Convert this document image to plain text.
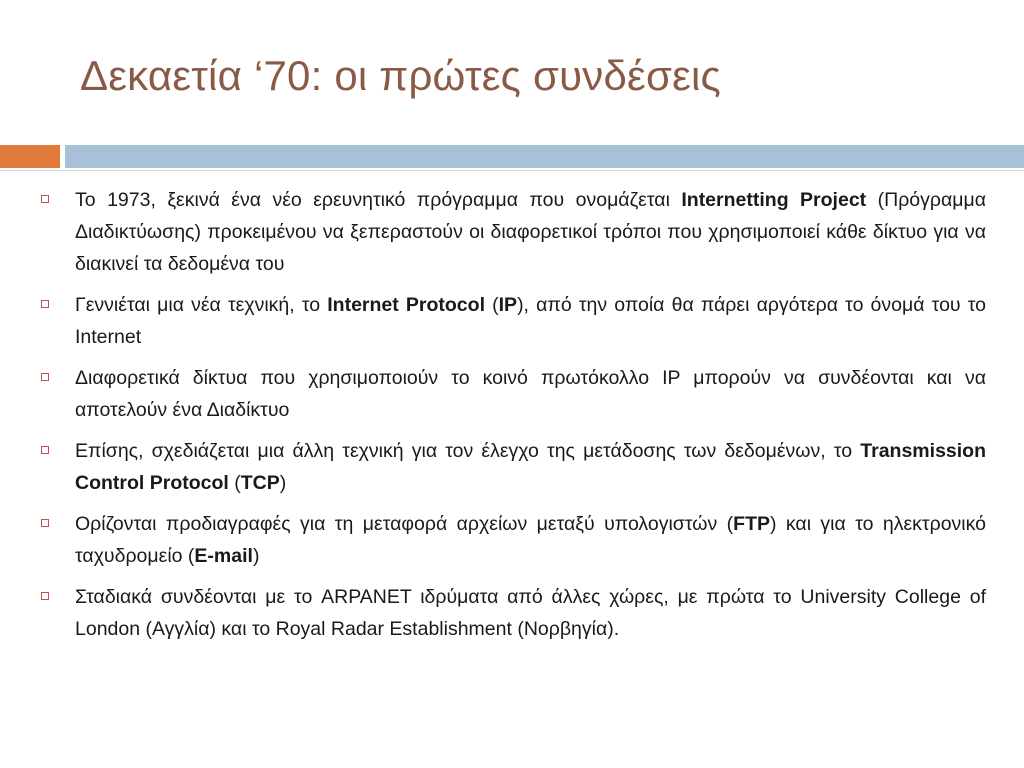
Δεκαετία ‘70: οι πρώτες συνδέσεις
Το 1973, ξεκινά ένα νέο ερευνητικό πρόγραμμα που ονομάζεται Internetting Project (Πρόγραμμα Διαδικτύωσης) προκειμένου να ξεπεραστούν οι διαφορετικοί τρόποι που χρησιμοποιεί κάθε δίκτυο για να διακινεί τα δεδομένα του
Γεννιέται μια νέα τεχνική, το Internet Protocol (IP), από την οποία θα πάρει αργότερα το όνομά του το Internet
Διαφορετικά δίκτυα που χρησιμοποιούν το κοινό πρωτόκολλο IP μπορούν να συνδέονται και να αποτελούν ένα Διαδίκτυο
Επίσης, σχεδιάζεται μια άλλη τεχνική για τον έλεγχο της μετάδοσης των δεδομένων, το Transmission Control Protocol (TCP)
Ορίζονται προδιαγραφές για τη μεταφορά αρχείων μεταξύ υπολογιστών (FTP) και για το ηλεκτρονικό ταχυδρομείο (E-mail)
Σταδιακά συνδέονται με το ARPANET ιδρύματα από άλλες χώρες, με πρώτα το University College of London (Αγγλία) και το Royal Radar Establishment (Νορβηγία).
